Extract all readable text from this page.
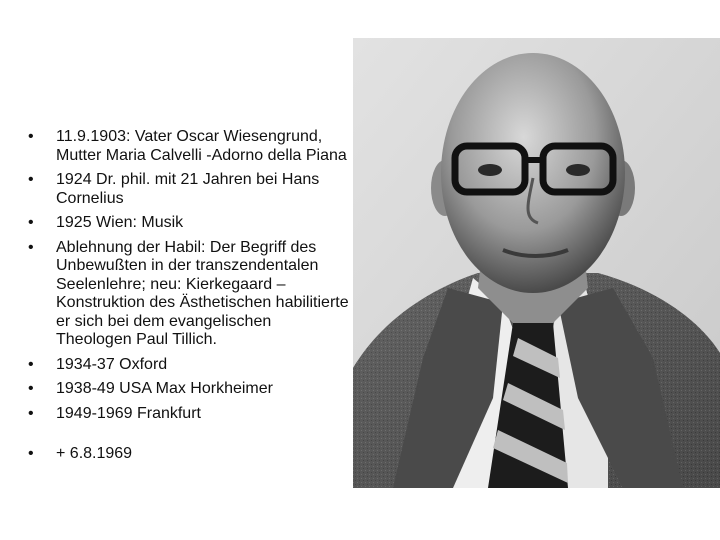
• 11.9.1903: Vater Oscar Wiesengrund, Mutter Maria Calvelli -Adorno della Piana
• 1924 Dr. phil. mit 21 Jahren bei Hans Cornelius
• 1925 Wien: Musik
• Ablehnung der Habil: Der Begriff des Unbewußten in der transzendentalen Seelenlehre; neu: Kierkegaard – Konstruktion des Ästhetischen habilitierte er sich bei dem evangelischen Theologen Paul Tillich.
• 1934-37 Oxford
• 1938-49 USA Max Horkheimer
• 1949-1969 Frankfurt
• + 6.8.1969
